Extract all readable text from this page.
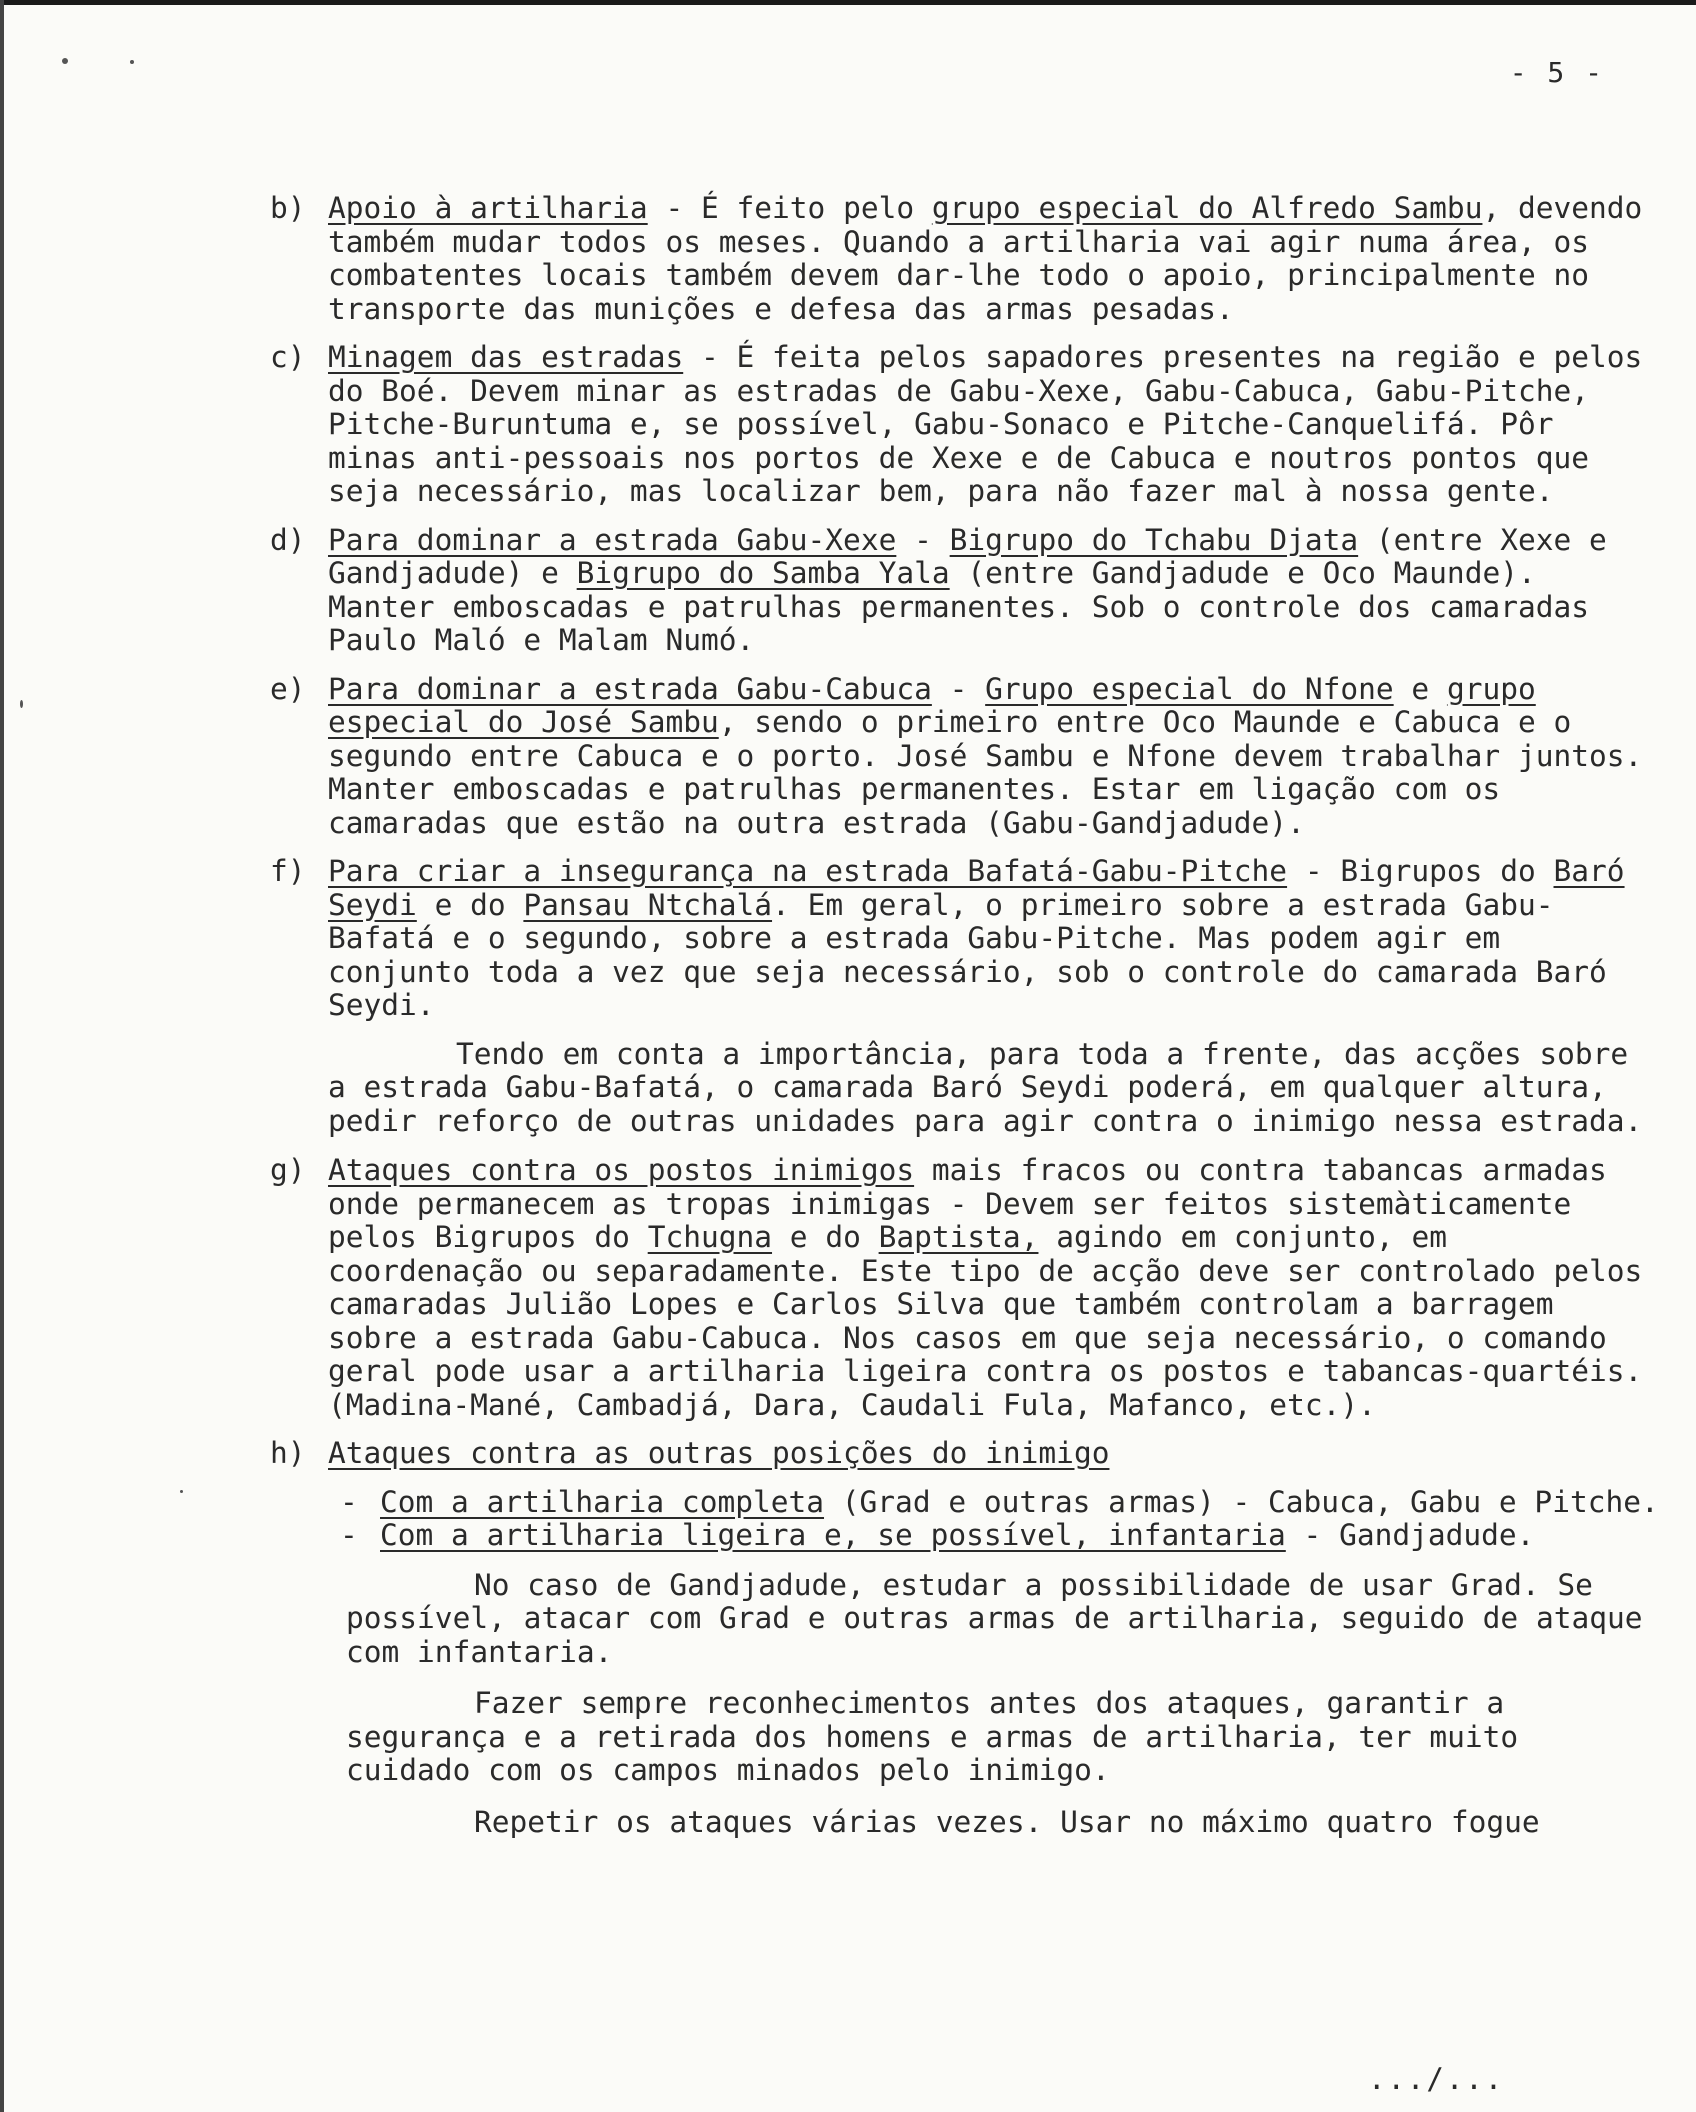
- 5 -
b) Apoio à artilharia - É feito pelo grupo especial do Alfredo Sambu, devendo também mudar todos os meses. Quando a artilharia vai agir numa área, os combatentes locais também devem dar-lhe todo o apoio, principalmente no transporte das munições e defesa das armas pesadas.
c) Minagem das estradas - É feita pelos sapadores presentes na região e pelos do Boé. Devem minar as estradas de Gabu-Xexe, Gabu-Cabuca, Gabu-Pitche, Pitche-Buruntuma e, se possível, Gabu-Sonaco e Pitche-Canquelifá. Pôr minas anti-pessoais nos portos de Xexe e de Cabuca e noutros pontos que seja necessário, mas localizar bem, para não fazer mal à nossa gente.
d) Para dominar a estrada Gabu-Xexe - Bigrupo do Tchabu Djata (entre Xexe e Gandjadude) e Bigrupo do Samba Yala (entre Gandjadude e Oco Maunde). Manter emboscadas e patrulhas permanentes. Sob o controle dos camaradas Paulo Maló e Malam Numó.
e) Para dominar a estrada Gabu-Cabuca - Grupo especial do Nfone e grupo especial do José Sambu, sendo o primeiro entre Oco Maunde e Cabuca e o segundo entre Cabuca e o porto. José Sambu e Nfone devem trabalhar juntos. Manter emboscadas e patrulhas permanentes. Estar em ligação com os camaradas que estão na outra estrada (Gabu-Gandjadude).
f) Para criar a insegurança na estrada Bafatá-Gabu-Pitche - Bigrupos do Baró Seydi e do Pansau Ntchalá. Em geral, o primeiro sobre a estrada Gabu-Bafatá e o segundo, sobre a estrada Gabu-Pitche. Mas podem agir em conjunto toda a vez que seja necessário, sob o controle do camarada Baró Seydi.
Tendo em conta a importância, para toda a frente, das acções sobre a estrada Gabu-Bafatá, o camarada Baró Seydi poderá, em qualquer altura, pedir reforço de outras unidades para agir contra o inimigo nessa estrada.
g) Ataques contra os postos inimigos mais fracos ou contra tabancas armadas onde permanecem as tropas inimigas - Devem ser feitos sistemàticamente pelos Bigrupos do Tchugna e do Baptista, agindo em conjunto, em coordenação ou separadamente. Este tipo de acção deve ser controlado pelos camaradas Julião Lopes e Carlos Silva que também controlam a barragem sobre a estrada Gabu-Cabuca. Nos casos em que seja necessário, o comando geral pode usar a artilharia ligeira contra os postos e tabancas-quartéis. (Madina-Mané, Cambadjá, Dara, Caudali Fula, Mafanco, etc.).
h) Ataques contra as outras posições do inimigo
- Com a artilharia completa (Grad e outras armas) - Cabuca, Gabu e Pitche.
- Com a artilharia ligeira e, se possível, infantaria - Gandjadude.
No caso de Gandjadude, estudar a possibilidade de usar Grad. Se possível, atacar com Grad e outras armas de artilharia, seguido de ataque com infantaria.
Fazer sempre reconhecimentos antes dos ataques, garantir a segurança e a retirada dos homens e armas de artilharia, ter muito cuidado com os campos minados pelo inimigo.
Repetir os ataques várias vezes. Usar no máximo quatro foguе
.../...
